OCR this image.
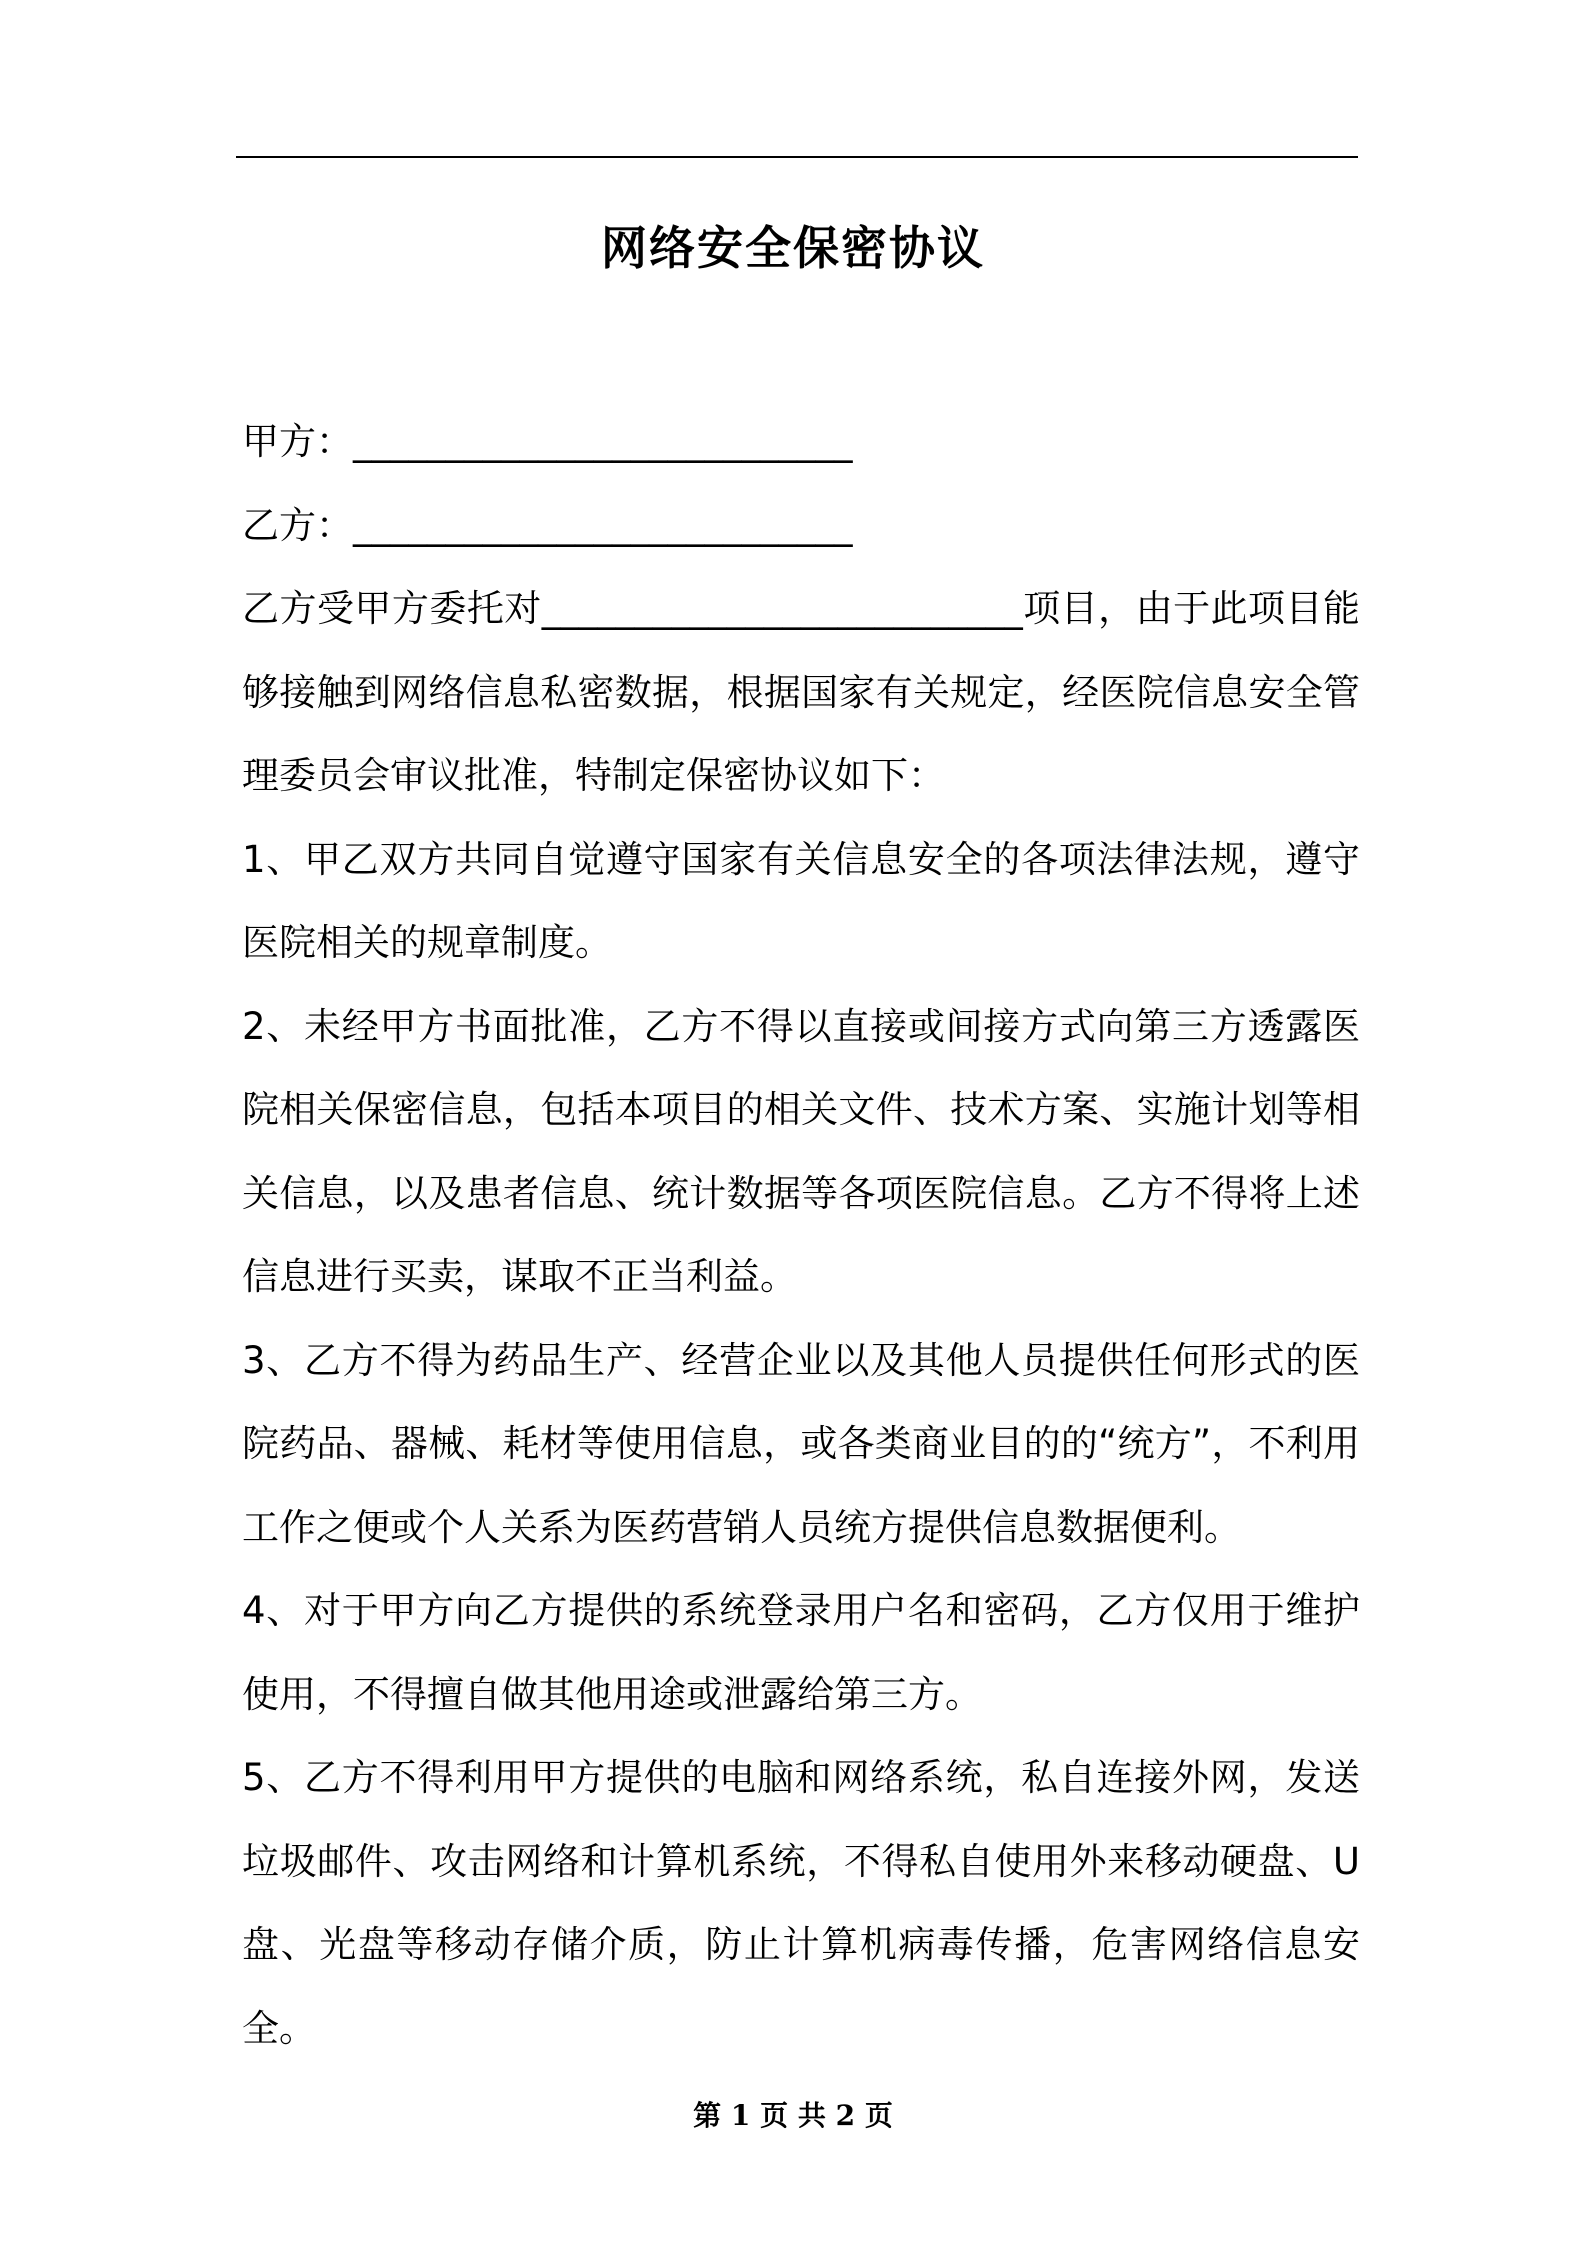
网络安全保密协议

甲方：___________________________

乙方：___________________________

乙方受甲方委托对__________________________项目，由于此项目能够接触到网络信息私密数据，根据国家有关规定，经医院信息安全管理委员会审议批准，特制定保密协议如下：

1、甲乙双方共同自觉遵守国家有关信息安全的各项法律法规，遵守医院相关的规章制度。

2、未经甲方书面批准，乙方不得以直接或间接方式向第三方透露医院相关保密信息，包括本项目的相关文件、技术方案、实施计划等相关信息，以及患者信息、统计数据等各项医院信息。乙方不得将上述信息进行买卖，谋取不正当利益。

3、乙方不得为药品生产、经营企业以及其他人员提供任何形式的医院药品、器械、耗材等使用信息，或各类商业目的的“统方”，不利用工作之便或个人关系为医药营销人员统方提供信息数据便利。

4、对于甲方向乙方提供的系统登录用户名和密码，乙方仅用于维护使用，不得擅自做其他用途或泄露给第三方。

5、乙方不得利用甲方提供的电脑和网络系统，私自连接外网，发送垃圾邮件、攻击网络和计算机系统，不得私自使用外来移动硬盘、U盘、光盘等移动存储介质，防止计算机病毒传播，危害网络信息安全。

第 1 页 共 2 页
